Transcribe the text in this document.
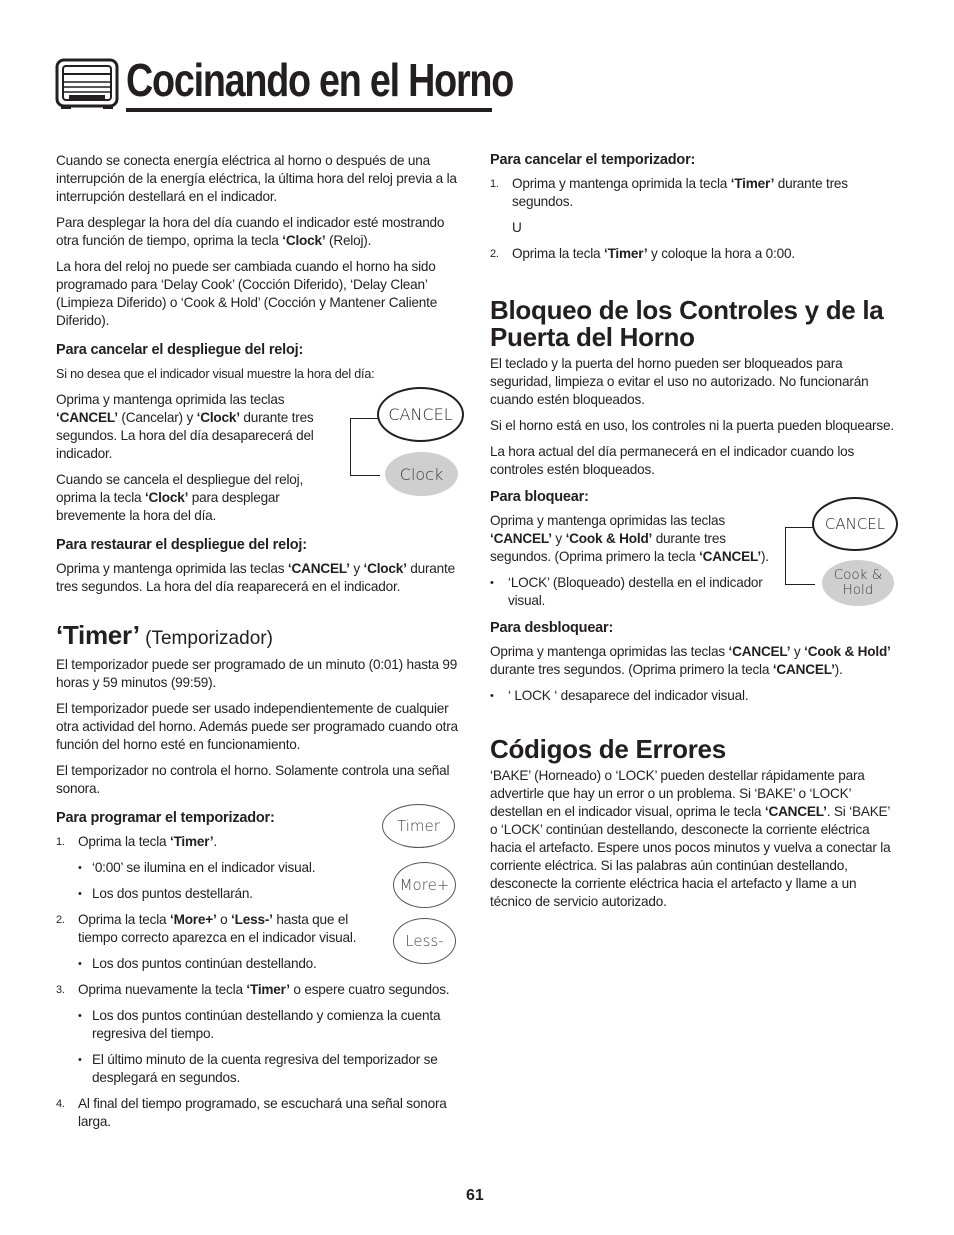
Cocinando en el Horno

Cuando se conecta energía eléctrica al horno o después de una interrupción de la energía eléctrica, la última hora del reloj previa a la interrupción destellará en el indicador.

Para desplegar la hora del día cuando el indicador esté mostrando otra función de tiempo, oprima la tecla ‘Clock’ (Reloj).

La hora del reloj no puede ser cambiada cuando el horno ha sido programado para ‘Delay Cook’ (Cocción Diferido), ‘Delay Clean’ (Limpieza Diferido) o ‘Cook & Hold’ (Cocción y Mantener Caliente Diferido).

Para cancelar el despliegue del reloj:

Si no desea que el indicador visual muestre la hora del día:

Oprima y mantenga oprimida las teclas ‘CANCEL’ (Cancelar) y ‘Clock’ durante tres segundos. La hora del día desaparecerá del indicador.

Cuando se cancela el despliegue del reloj, oprima la tecla ‘Clock’ para desplegar brevemente la hora del día.

Para restaurar el despliegue del reloj:

Oprima y mantenga oprimida las teclas ‘CANCEL’ y ‘Clock’ durante tres segundos. La hora del día reaparecerá en el indicador.

CANCEL
Clock
‘Timer’ (Temporizador)

El temporizador puede ser programado de un minuto (0:01) hasta 99 horas y 59 minutos (99:59).

El temporizador puede ser usado independientemente de cualquier otra actividad del horno. Además puede ser programado cuando otra función del horno esté en funcionamiento.

El temporizador no controla el horno. Solamente controla una señal sonora.

Para programar el temporizador:
1. Oprima la tecla ‘Timer’.
• ‘0:00’ se ilumina en el indicador visual.
• Los dos puntos destellarán.
2. Oprima la tecla ‘More+’ o ‘Less-’ hasta que el tiempo correcto aparezca en el indicador visual.
• Los dos puntos continúan destellando.
3. Oprima nuevamente la tecla ‘Timer’ o espere cuatro segundos.
• Los dos puntos continúan destellando y comienza la cuenta regresiva del tiempo.
• El último minuto de la cuenta regresiva del temporizador se desplegará en segundos.
4. Al final del tiempo programado, se escuchará una señal sonora larga.
Timer
More+
Less-
Para cancelar el temporizador:
1. Oprima y mantenga oprimida la tecla ‘Timer’ durante tres segundos.
U
2. Oprima la tecla ‘Timer’ y coloque la hora a 0:00.
Bloqueo de los Controles y de la Puerta del Horno

El teclado y la puerta del horno pueden ser bloqueados para seguridad, limpieza o evitar el uso no autorizado. No funcionarán cuando estén bloqueados.

Si el horno está en uso, los controles ni la puerta pueden bloquearse.

La hora actual del día permanecerá en el indicador cuando los controles estén bloqueados.

Para bloquear:

Oprima y mantenga oprimidas las teclas ‘CANCEL’ y ‘Cook & Hold’ durante tres segundos. (Oprima primero la tecla ‘CANCEL’).

• ‘LOCK’ (Bloqueado) destella en el indicador visual.
Para desbloquear:

Oprima y mantenga oprimidas las teclas ‘CANCEL’ y ‘Cook & Hold’ durante tres segundos. (Oprima primero la tecla ‘CANCEL’).

• ‘ LOCK ‘ desaparece del indicador visual.
CANCEL
Cook &
Hold
Códigos de Errores

‘BAKE’ (Horneado) o ‘LOCK’ pueden destellar rápidamente para advertirle que hay un error o un problema. Si ‘BAKE’ o ‘LOCK’ destellan en el indicador visual, oprima le tecla ‘CANCEL’. Si ‘BAKE’ o ‘LOCK’ continúan destellando, desconecte la corriente eléctrica hacia el artefacto. Espere unos pocos minutos y vuelva a conectar la corriente eléctrica. Si las palabras aún continúan destellando, desconecte la corriente eléctrica hacia el artefacto y llame a un técnico de servicio autorizado.

61
